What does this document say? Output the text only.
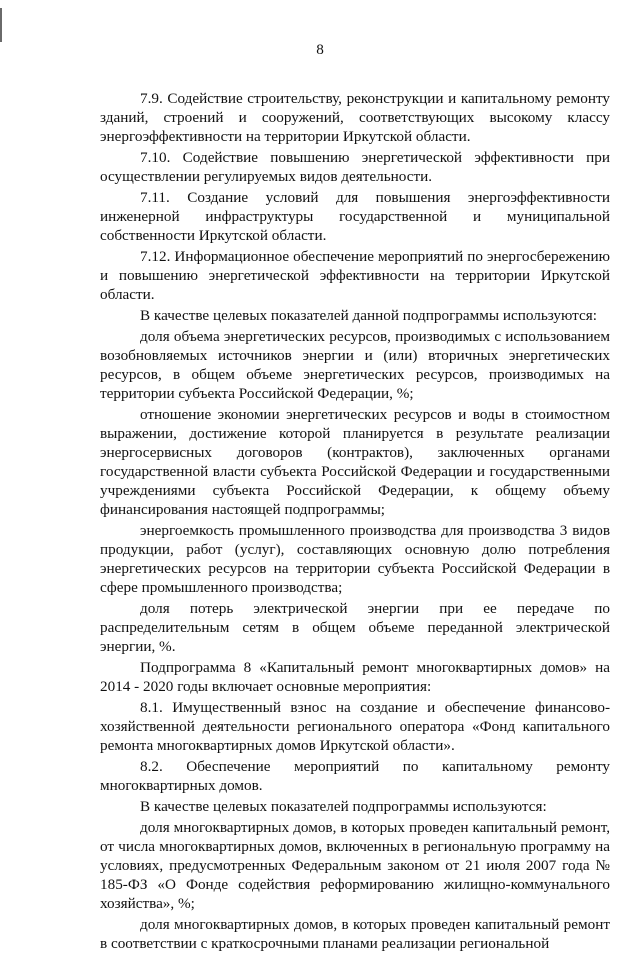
8

7.9. Содействие строительству, реконструкции и капитальному ремонту зданий, строений и сооружений, соответствующих высокому классу энергоэффективности на территории Иркутской области.

7.10. Содействие повышению энергетической эффективности при осуществлении регулируемых видов деятельности.

7.11. Создание условий для повышения энергоэффективности инженерной инфраструктуры государственной и муниципальной собственности Иркутской области.

7.12. Информационное обеспечение мероприятий по энергосбережению и повышению энергетической эффективности на территории Иркутской области.

В качестве целевых показателей данной подпрограммы используются:

доля объема энергетических ресурсов, производимых с использованием возобновляемых источников энергии и (или) вторичных энергетических ресурсов, в общем объеме энергетических ресурсов, производимых на территории субъекта Российской Федерации, %;

отношение экономии энергетических ресурсов и воды в стоимостном выражении, достижение которой планируется в результате реализации энергосервисных договоров (контрактов), заключенных органами государственной власти субъекта Российской Федерации и государственными учреждениями субъекта Российской Федерации, к общему объему финансирования настоящей подпрограммы;

энергоемкость промышленного производства для производства 3 видов продукции, работ (услуг), составляющих основную долю потребления энергетических ресурсов на территории субъекта Российской Федерации в сфере промышленного производства;

доля потерь электрической энергии при ее передаче по распределительным сетям в общем объеме переданной электрической энергии, %.

Подпрограмма 8 «Капитальный ремонт многоквартирных домов» на 2014 - 2020 годы включает основные мероприятия:

8.1. Имущественный взнос на создание и обеспечение финансово-хозяйственной деятельности регионального оператора «Фонд капитального ремонта многоквартирных домов Иркутской области».

8.2. Обеспечение мероприятий по капитальному ремонту многоквартирных домов.

В качестве целевых показателей подпрограммы используются:

доля многоквартирных домов, в которых проведен капитальный ремонт, от числа многоквартирных домов, включенных в региональную программу на условиях, предусмотренных Федеральным законом от 21 июля 2007 года № 185-ФЗ «О Фонде содействия реформированию жилищно-коммунального хозяйства», %;

доля многоквартирных домов, в которых проведен капитальный ремонт в соответствии с краткосрочными планами реализации региональной
